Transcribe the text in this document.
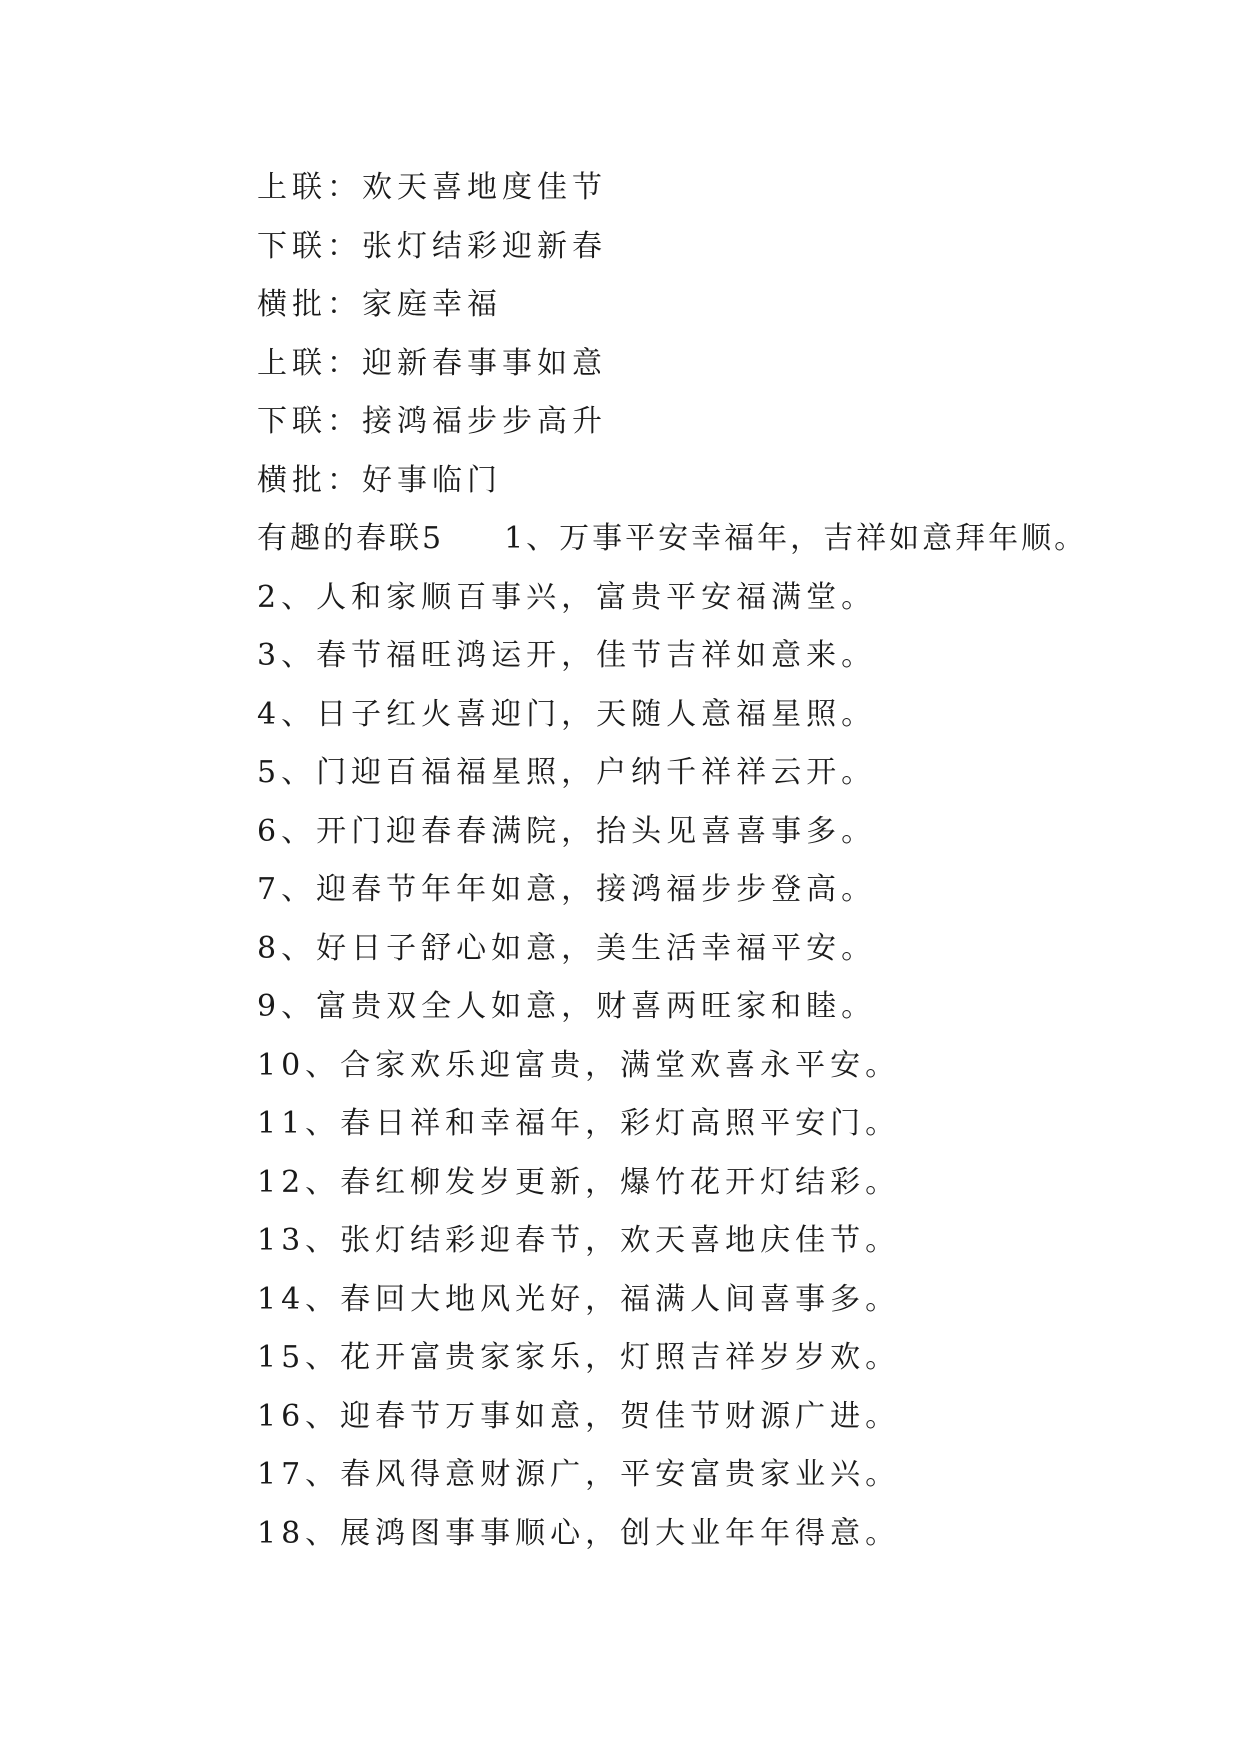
上联：欢天喜地度佳节
下联：张灯结彩迎新春
横批：家庭幸福
上联：迎新春事事如意
下联：接鸿福步步高升
横批：好事临门
有趣的春联5 1、万事平安幸福年，吉祥如意拜年顺。
2、人和家顺百事兴，富贵平安福满堂。
3、春节福旺鸿运开，佳节吉祥如意来。
4、日子红火喜迎门，天随人意福星照。
5、门迎百福福星照，户纳千祥祥云开。
6、开门迎春春满院，抬头见喜喜事多。
7、迎春节年年如意，接鸿福步步登高。
8、好日子舒心如意，美生活幸福平安。
9、富贵双全人如意，财喜两旺家和睦。
10、合家欢乐迎富贵，满堂欢喜永平安。
11、春日祥和幸福年，彩灯高照平安门。
12、春红柳发岁更新，爆竹花开灯结彩。
13、张灯结彩迎春节，欢天喜地庆佳节。
14、春回大地风光好，福满人间喜事多。
15、花开富贵家家乐，灯照吉祥岁岁欢。
16、迎春节万事如意，贺佳节财源广进。
17、春风得意财源广，平安富贵家业兴。
18、展鸿图事事顺心，创大业年年得意。
